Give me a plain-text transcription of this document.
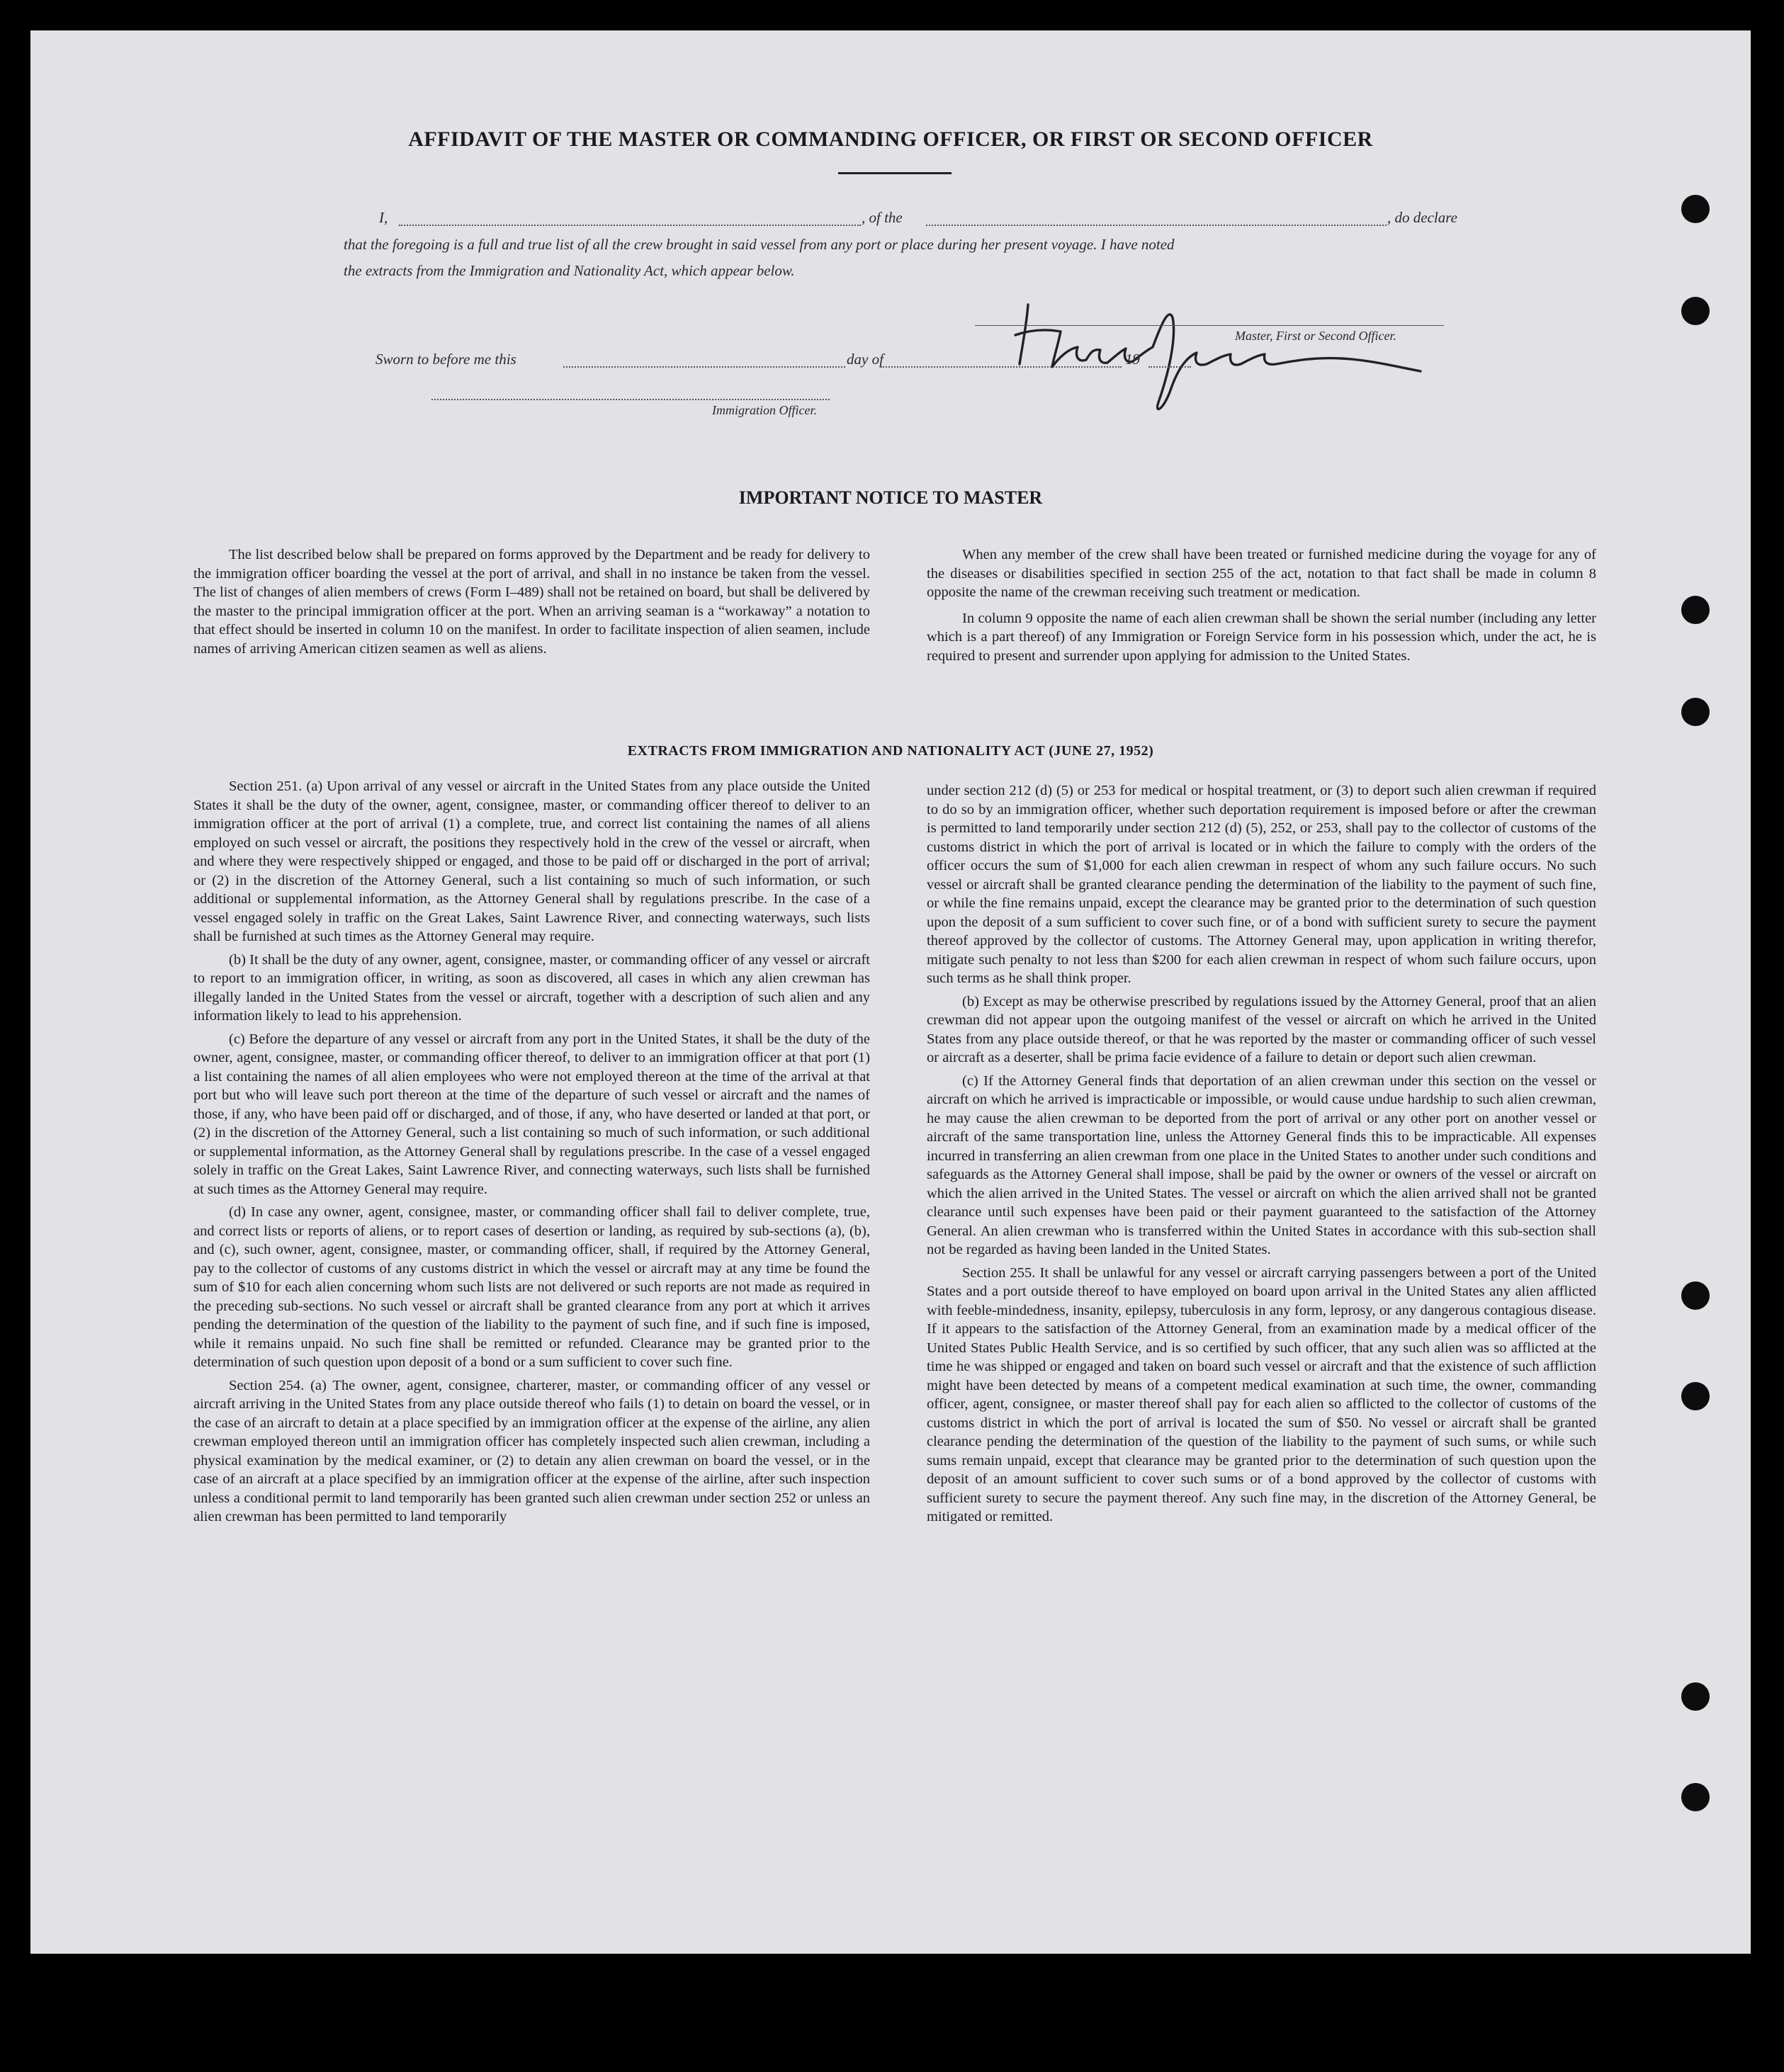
AFFIDAVIT OF THE MASTER OR COMMANDING OFFICER, OR FIRST OR SECOND OFFICER
I,	, of the	, do declare
that the foregoing is a full and true list of all the crew brought in said vessel from any port or place during her present voyage. I have noted
the extracts from the Immigration and Nationality Act, which appear below.
Master, First or Second Officer.
Sworn to before me this	day of	19
Immigration Officer.
IMPORTANT NOTICE TO MASTER

The list described below shall be prepared on forms approved by the Department and be ready for delivery to the immigration officer boarding the vessel at the port of arrival, and shall in no instance be taken from the vessel. The list of changes of alien members of crews (Form I–489) shall not be retained on board, but shall be delivered by the master to the principal immigration officer at the port. When an arriving seaman is a “workaway” a notation to that effect should be inserted in column 10 on the manifest. In order to facilitate inspection of alien seamen, include names of arriving American citizen seamen as well as aliens.

When any member of the crew shall have been treated or furnished medicine during the voyage for any of the diseases or disabilities specified in section 255 of the act, notation to that fact shall be made in column 8 opposite the name of the crewman receiving such treatment or medication.

In column 9 opposite the name of each alien crewman shall be shown the serial number (including any letter which is a part thereof) of any Immigration or Foreign Service form in his possession which, under the act, he is required to present and surrender upon applying for admission to the United States.

EXTRACTS FROM IMMIGRATION AND NATIONALITY ACT (JUNE 27, 1952)

Section 251. (a) Upon arrival of any vessel or aircraft in the United States from any place outside the United States it shall be the duty of the owner, agent, consignee, master, or commanding officer thereof to deliver to an immigration officer at the port of arrival (1) a complete, true, and correct list containing the names of all aliens employed on such vessel or aircraft, the positions they respectively hold in the crew of the vessel or aircraft, when and where they were respectively shipped or engaged, and those to be paid off or discharged in the port of arrival; or (2) in the discretion of the Attorney General, such a list containing so much of such information, or such additional or supplemental information, as the Attorney General shall by regulations prescribe. In the case of a vessel engaged solely in traffic on the Great Lakes, Saint Lawrence River, and connecting waterways, such lists shall be furnished at such times as the Attorney General may require.

(b) It shall be the duty of any owner, agent, consignee, master, or commanding officer of any vessel or aircraft to report to an immigration officer, in writing, as soon as discovered, all cases in which any alien crewman has illegally landed in the United States from the vessel or aircraft, together with a description of such alien and any information likely to lead to his apprehension.

(c) Before the departure of any vessel or aircraft from any port in the United States, it shall be the duty of the owner, agent, consignee, master, or commanding officer thereof, to deliver to an immigration officer at that port (1) a list containing the names of all alien employees who were not employed thereon at the time of the arrival at that port but who will leave such port thereon at the time of the departure of such vessel or aircraft and the names of those, if any, who have been paid off or discharged, and of those, if any, who have deserted or landed at that port, or (2) in the discretion of the Attorney General, such a list containing so much of such information, or such additional or supplemental information, as the Attorney General shall by regulations prescribe. In the case of a vessel engaged solely in traffic on the Great Lakes, Saint Lawrence River, and connecting waterways, such lists shall be furnished at such times as the Attorney General may require.

(d) In case any owner, agent, consignee, master, or commanding officer shall fail to deliver complete, true, and correct lists or reports of aliens, or to report cases of desertion or landing, as required by sub-sections (a), (b), and (c), such owner, agent, consignee, master, or commanding officer, shall, if required by the Attorney General, pay to the collector of customs of any customs district in which the vessel or aircraft may at any time be found the sum of $10 for each alien concerning whom such lists are not delivered or such reports are not made as required in the preceding sub-sections. No such vessel or aircraft shall be granted clearance from any port at which it arrives pending the determination of the question of the liability to the payment of such fine, and if such fine is imposed, while it remains unpaid. No such fine shall be remitted or refunded. Clearance may be granted prior to the determination of such question upon deposit of a bond or a sum sufficient to cover such fine.

Section 254. (a) The owner, agent, consignee, charterer, master, or commanding officer of any vessel or aircraft arriving in the United States from any place outside thereof who fails (1) to detain on board the vessel, or in the case of an aircraft to detain at a place specified by an immigration officer at the expense of the airline, any alien crewman employed thereon until an immigration officer has completely inspected such alien crewman, including a physical examination by the medical examiner, or (2) to detain any alien crewman on board the vessel, or in the case of an aircraft at a place specified by an immigration officer at the expense of the airline, after such inspection unless a conditional permit to land temporarily has been granted such alien crewman under section 252 or unless an alien crewman has been permitted to land temporarily

under section 212 (d) (5) or 253 for medical or hospital treatment, or (3) to deport such alien crewman if required to do so by an immigration officer, whether such deportation requirement is imposed before or after the crewman is permitted to land temporarily under section 212 (d) (5), 252, or 253, shall pay to the collector of customs of the customs district in which the port of arrival is located or in which the failure to comply with the orders of the officer occurs the sum of $1,000 for each alien crewman in respect of whom any such failure occurs. No such vessel or aircraft shall be granted clearance pending the determination of the liability to the payment of such fine, or while the fine remains unpaid, except the clearance may be granted prior to the determination of such question upon the deposit of a sum sufficient to cover such fine, or of a bond with sufficient surety to secure the payment thereof approved by the collector of customs. The Attorney General may, upon application in writing therefor, mitigate such penalty to not less than $200 for each alien crewman in respect of whom such failure occurs, upon such terms as he shall think proper.

(b) Except as may be otherwise prescribed by regulations issued by the Attorney General, proof that an alien crewman did not appear upon the outgoing manifest of the vessel or aircraft on which he arrived in the United States from any place outside thereof, or that he was reported by the master or commanding officer of such vessel or aircraft as a deserter, shall be prima facie evidence of a failure to detain or deport such alien crewman.

(c) If the Attorney General finds that deportation of an alien crewman under this section on the vessel or aircraft on which he arrived is impracticable or impossible, or would cause undue hardship to such alien crewman, he may cause the alien crewman to be deported from the port of arrival or any other port on another vessel or aircraft of the same transportation line, unless the Attorney General finds this to be impracticable. All expenses incurred in transferring an alien crewman from one place in the United States to another under such conditions and safeguards as the Attorney General shall impose, shall be paid by the owner or owners of the vessel or aircraft on which the alien arrived in the United States. The vessel or aircraft on which the alien arrived shall not be granted clearance until such expenses have been paid or their payment guaranteed to the satisfaction of the Attorney General. An alien crewman who is transferred within the United States in accordance with this sub-section shall not be regarded as having been landed in the United States.

Section 255. It shall be unlawful for any vessel or aircraft carrying passengers between a port of the United States and a port outside thereof to have employed on board upon arrival in the United States any alien afflicted with feeble-mindedness, insanity, epilepsy, tuberculosis in any form, leprosy, or any dangerous contagious disease. If it appears to the satisfaction of the Attorney General, from an examination made by a medical officer of the United States Public Health Service, and is so certified by such officer, that any such alien was so afflicted at the time he was shipped or engaged and taken on board such vessel or aircraft and that the existence of such affliction might have been detected by means of a competent medical examination at such time, the owner, commanding officer, agent, consignee, or master thereof shall pay for each alien so afflicted to the collector of customs of the customs district in which the port of arrival is located the sum of $50. No vessel or aircraft shall be granted clearance pending the determination of the question of the liability to the payment of such sums, or while such sums remain unpaid, except that clearance may be granted prior to the determination of such question upon the deposit of an amount sufficient to cover such sums or of a bond approved by the collector of customs with sufficient surety to secure the payment thereof. Any such fine may, in the discretion of the Attorney General, be mitigated or remitted.
